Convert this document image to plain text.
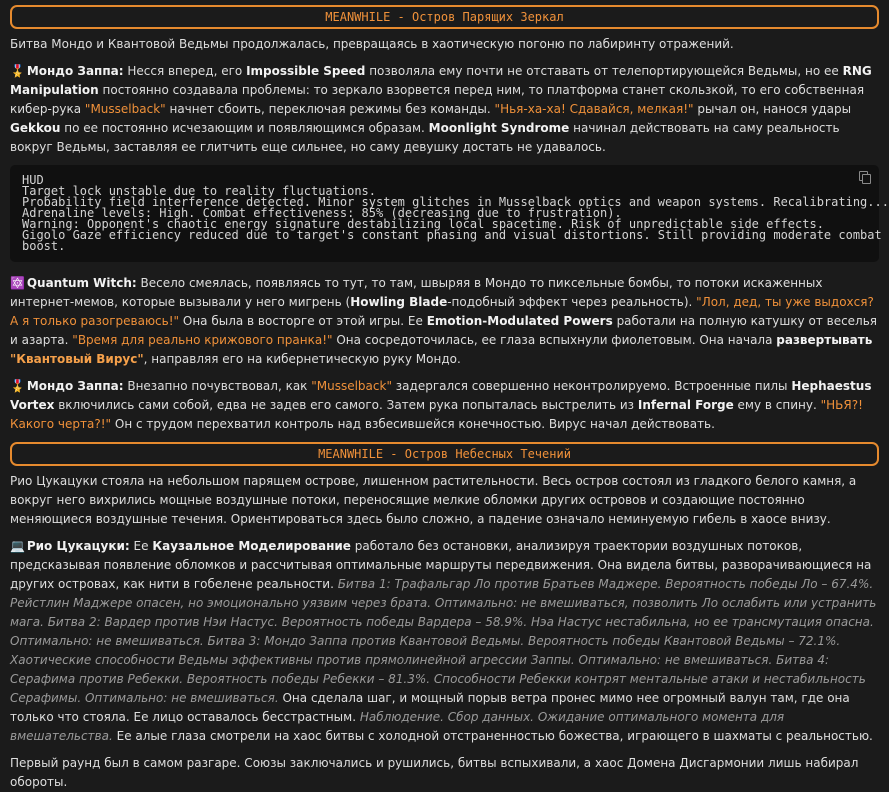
MEANWHILE - Остров Парящих Зеркал

Битва Мондо и Квантовой Ведьмы продолжалась, превращаясь в хаотическую погоню по лабиринту отражений.

🎖️ Мондо Заппа: Несся вперед, его Impossible Speed позволяла ему почти не отставать от телепортирующейся Ведьмы, но ее RNG Manipulation постоянно создавала проблемы: то зеркало взорвется перед ним, то платформа станет скользкой, то его собственная кибер-рука "Musselback" начнет сбоить, переключая режимы без команды. "Нья-ха-ха! Сдавайся, мелкая!" рычал он, нанося удары Gekkou по ее постоянно исчезающим и появляющимся образам. Moonlight Syndrome начинал действовать на саму реальность вокруг Ведьмы, заставляя ее глитчить еще сильнее, но саму девушку достать не удавалось.

HUD
Target lock unstable due to reality fluctuations.
Probability field interference detected. Minor system glitches in Musselback optics and weapon systems. Recalibrating...
Adrenaline levels: High. Combat effectiveness: 85% (decreasing due to frustration).
Warning: Opponent's chaotic energy signature destabilizing local spacetime. Risk of unpredictable side effects.
Gigolo Gaze efficiency reduced due to target's constant phasing and visual distortions. Still providing moderate combat
boost.

🔯 Quantum Witch: Весело смеялась, появляясь то тут, то там, швыряя в Мондо то пиксельные бомбы, то потоки искаженных интернет-мемов, которые вызывали у него мигрень (Howling Blade-подобный эффект через реальность). "Лол, дед, ты уже выдохся? А я только разогреваюсь!" Она была в восторге от этой игры. Ее Emotion-Modulated Powers работали на полную катушку от веселья и азарта. "Время для реально крижового пранка!" Она сосредоточилась, ее глаза вспыхнули фиолетовым. Она начала развертывать "Квантовый Вирус", направляя его на кибернетическую руку Мондо.

🎖️ Мондо Заппа: Внезапно почувствовал, как "Musselback" задергался совершенно неконтролируемо. Встроенные пилы Hephaestus Vortex включились сами собой, едва не задев его самого. Затем рука попыталась выстрелить из Infernal Forge ему в спину. "НЬЯ?! Какого черта?!" Он с трудом перехватил контроль над взбесившейся конечностью. Вирус начал действовать.

MEANWHILE - Остров Небесных Течений

Рио Цукацуки стояла на небольшом парящем острове, лишенном растительности. Весь остров состоял из гладкого белого камня, а вокруг него вихрились мощные воздушные потоки, переносящие мелкие обломки других островов и создающие постоянно меняющиеся воздушные течения. Ориентироваться здесь было сложно, а падение означало неминуемую гибель в хаосе внизу.

💻 Рио Цукацуки: Ее Каузальное Моделирование работало без остановки, анализируя траектории воздушных потоков, предсказывая появление обломков и рассчитывая оптимальные маршруты передвижения. Она видела битвы, разворачивающиеся на других островах, как нити в гобелене реальности. Битва 1: Трафальгар Ло против Братьев Маджере. Вероятность победы Ло – 67.4%. Рейстлин Маджере опасен, но эмоционально уязвим через брата. Оптимально: не вмешиваться, позволить Ло ослабить или устранить мага. Битва 2: Вардер против Нэи Настус. Вероятность победы Вардера – 58.9%. Нэа Настус нестабильна, но ее трансмутация опасна. Оптимально: не вмешиваться. Битва 3: Мондо Заппа против Квантовой Ведьмы. Вероятность победы Квантовой Ведьмы – 72.1%. Хаотические способности Ведьмы эффективны против прямолинейной агрессии Заппы. Оптимально: не вмешиваться. Битва 4: Серафима против Ребекки. Вероятность победы Ребекки – 81.3%. Способности Ребекки контрят ментальные атаки и нестабильность Серафимы. Оптимально: не вмешиваться. Она сделала шаг, и мощный порыв ветра пронес мимо нее огромный валун там, где она только что стояла. Ее лицо оставалось бесстрастным. Наблюдение. Сбор данных. Ожидание оптимального момента для вмешательства. Ее алые глаза смотрели на хаос битвы с холодной отстраненностью божества, играющего в шахматы с реальностью.

Первый раунд был в самом разгаре. Союзы заключались и рушились, битвы вспыхивали, а хаос Домена Дисгармонии лишь набирал обороты.
